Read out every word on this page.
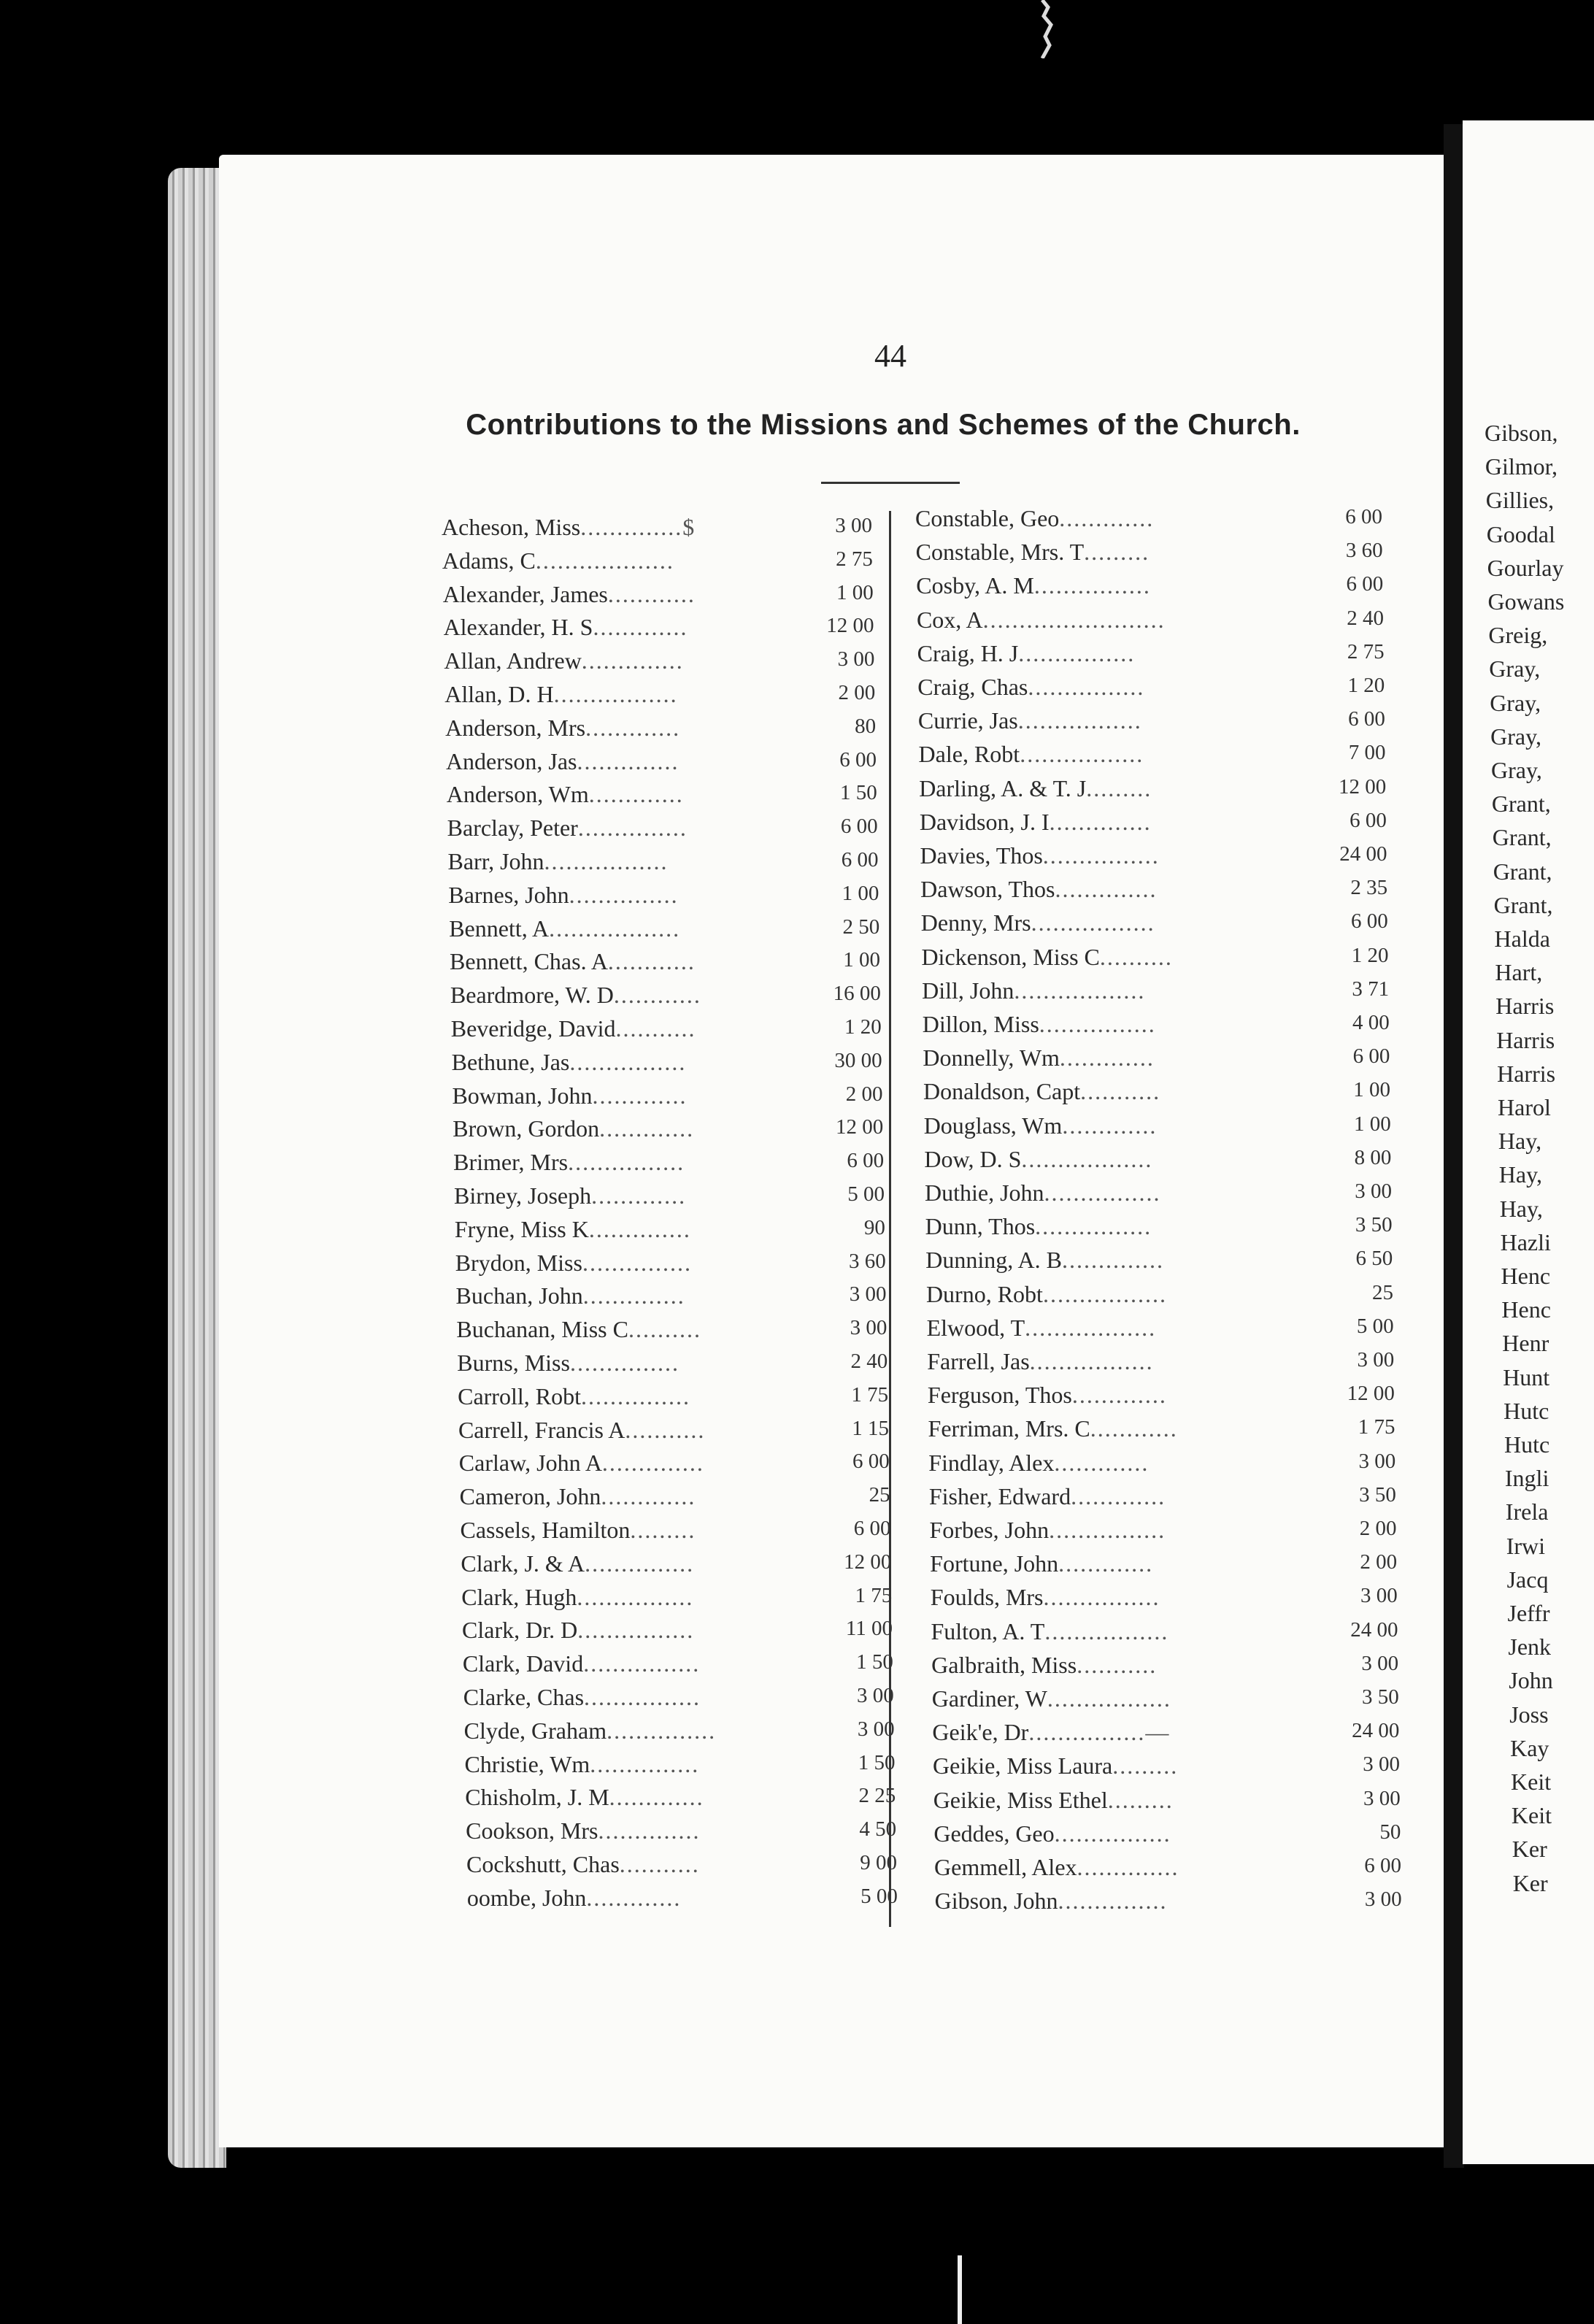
Gibson,
Gilmor,
Gillies,
Goodal
Gourlay
Gowans
Greig,
Gray,
Gray,
Gray,
Gray,
Grant,
Grant,
Grant,
Grant,
Halda
Hart,
Harris
Harris
Harris
Harol
Hay,
Hay,
Hay,
Hazli
Henc
Henc
Henr
Hunt
Hutc
Hutc
Ingli
Irela
Irwi
Jacq
Jeffr
Jenk
John
Joss
Kay
Keit
Keit
Ker
Ker
44
Contributions to the Missions and Schemes of the Church.
Acheson, Miss..............$	3 00
Adams, C...................	2 75
Alexander, James............	1 00
Alexander, H. S.............	12 00
Allan, Andrew..............	3 00
Allan, D. H.................	2 00
Anderson, Mrs.............	80
Anderson, Jas..............	6 00
Anderson, Wm.............	1 50
Barclay, Peter...............	6 00
Barr, John.................	6 00
Barnes, John...............	1 00
Bennett, A..................	2 50
Bennett, Chas. A............	1 00
Beardmore, W. D............	16 00
Beveridge, David...........	1 20
Bethune, Jas................	30 00
Bowman, John.............	2 00
Brown, Gordon.............	12 00
Brimer, Mrs................	6 00
Birney, Joseph.............	5 00
Fryne, Miss K..............	90
Brydon, Miss...............	3 60
Buchan, John..............	3 00
Buchanan, Miss C..........	3 00
Burns, Miss...............	2 40
Carroll, Robt...............	1 75
Carrell, Francis A...........	1 15
Carlaw, John A..............	6 00
Cameron, John.............	25
Cassels, Hamilton.........	6 00
Clark, J. & A...............	12 00
Clark, Hugh................	1 75
Clark, Dr. D................	11 00
Clark, David................	1 50
Clarke, Chas................	3 00
Clyde, Graham...............	3 00
Christie, Wm...............	1 50
Chisholm, J. M.............	2 25
Cookson, Mrs..............	4 50
Cockshutt, Chas...........	9 00
oombe, John.............	5 00
Constable, Geo.............	6 00
Constable, Mrs. T.........	3 60
Cosby, A. M................	6 00
Cox, A.........................	2 40
Craig, H. J................	2 75
Craig, Chas................	1 20
Currie, Jas.................	6 00
Dale, Robt.................	7 00
Darling, A. & T. J.........	12 00
Davidson, J. I..............	6 00
Davies, Thos................	24 00
Dawson, Thos..............	2 35
Denny, Mrs.................	6 00
Dickenson, Miss C..........	1 20
Dill, John..................	3 71
Dillon, Miss................	4 00
Donnelly, Wm.............	6 00
Donaldson, Capt...........	1 00
Douglass, Wm.............	1 00
Dow, D. S..................	8 00
Duthie, John................	3 00
Dunn, Thos................	3 50
Dunning, A. B..............	6 50
Durno, Robt.................	25
Elwood, T..................	5 00
Farrell, Jas.................	3 00
Ferguson, Thos.............	12 00
Ferriman, Mrs. C............	1 75
Findlay, Alex.............	3 00
Fisher, Edward.............	3 50
Forbes, John................	2 00
Fortune, John.............	2 00
Foulds, Mrs................	3 00
Fulton, A. T.................	24 00
Galbraith, Miss...........	3 00
Gardiner, W.................	3 50
Geik'e, Dr................—	24 00
Geikie, Miss Laura.........	3 00
Geikie, Miss Ethel.........	3 00
Geddes, Geo................	50
Gemmell, Alex..............	6 00
Gibson, John...............	3 00
